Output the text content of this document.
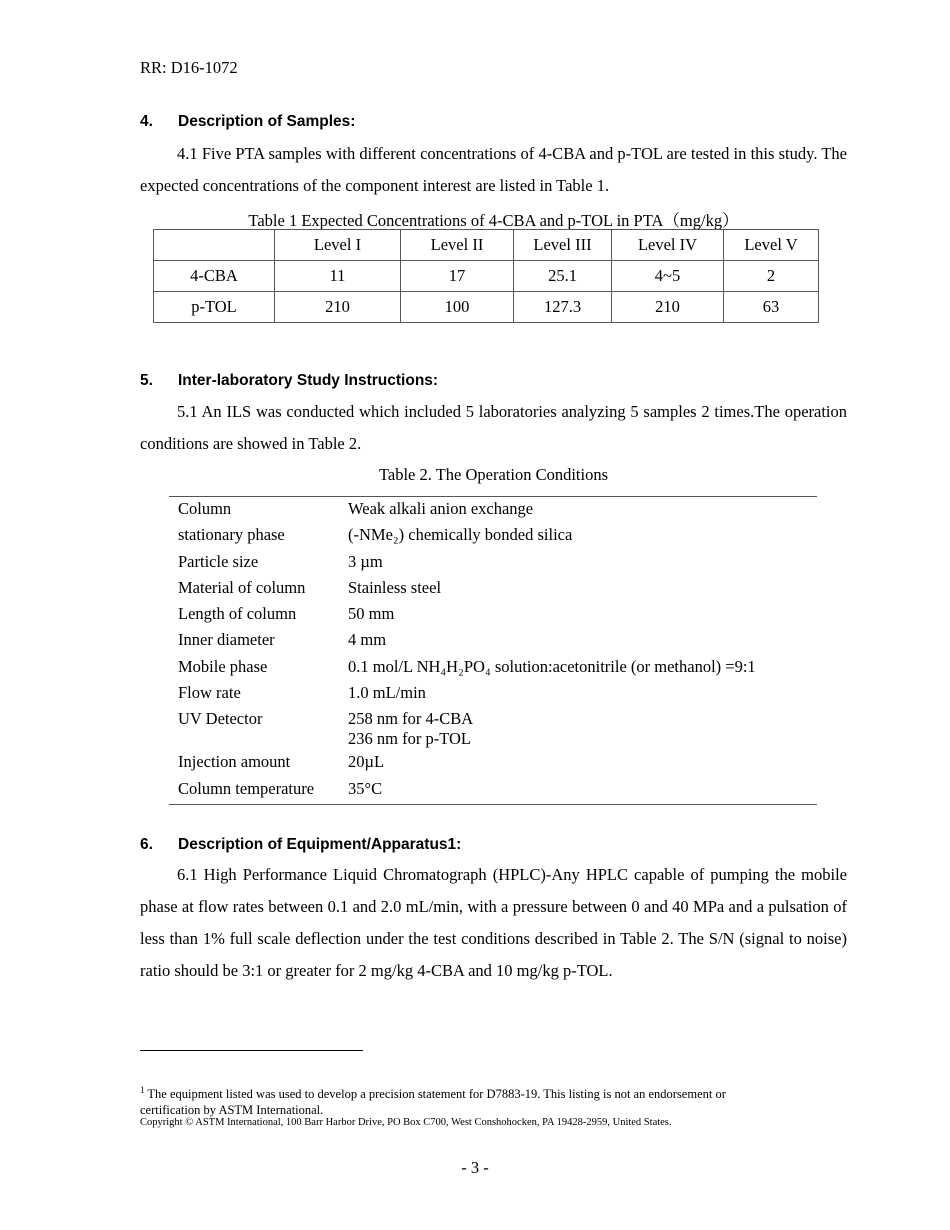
RR: D16-1072
4. Description of Samples:
4.1 Five PTA samples with different concentrations of 4-CBA and p-TOL are tested in this study. The expected concentrations of the component interest are listed in Table 1.
Table 1 Expected Concentrations of 4-CBA and p-TOL in PTA（mg/kg）
	Level I	Level II	Level III	Level IV	Level V
4-CBA	11	17	25.1	4~5	2
p-TOL	210	100	127.3	210	63
5. Inter-laboratory Study Instructions:
5.1 An ILS was conducted which included 5 laboratories analyzing 5 samples 2 times.The operation conditions are showed in Table 2.
Table 2. The Operation Conditions
Column	Weak alkali anion exchange
stationary phase	(-NMe₂) chemically bonded silica
Particle size	3 µm
Material of column	Stainless steel
Length of column	50 mm
Inner diameter	4 mm
Mobile phase	0.1 mol/L NH₄H₂PO₄ solution:acetonitrile (or methanol) =9:1
Flow rate	1.0 mL/min
UV Detector	258 nm for 4-CBA
236 nm for p-TOL

Injection amount	20µL
Column temperature	35°C
6. Description of Equipment/Apparatus1:
6.1 High Performance Liquid Chromatograph (HPLC)-Any HPLC capable of pumping the mobile phase at flow rates between 0.1 and 2.0 mL/min, with a pressure between 0 and 40 MPa and a pulsation of less than 1% full scale deflection under the test conditions described in Table 2. The S/N (signal to noise) ratio should be 3:1 or greater for 2 mg/kg 4-CBA and 10 mg/kg p-TOL.
$^1$ The equipment listed was used to develop a precision statement for D7883-19. This listing is not an endorsement or certification by ASTM International.
Copyright © ASTM International, 100 Barr Harbor Drive, PO Box C700, West Conshohocken, PA 19428-2959, United States.
- 3 -
